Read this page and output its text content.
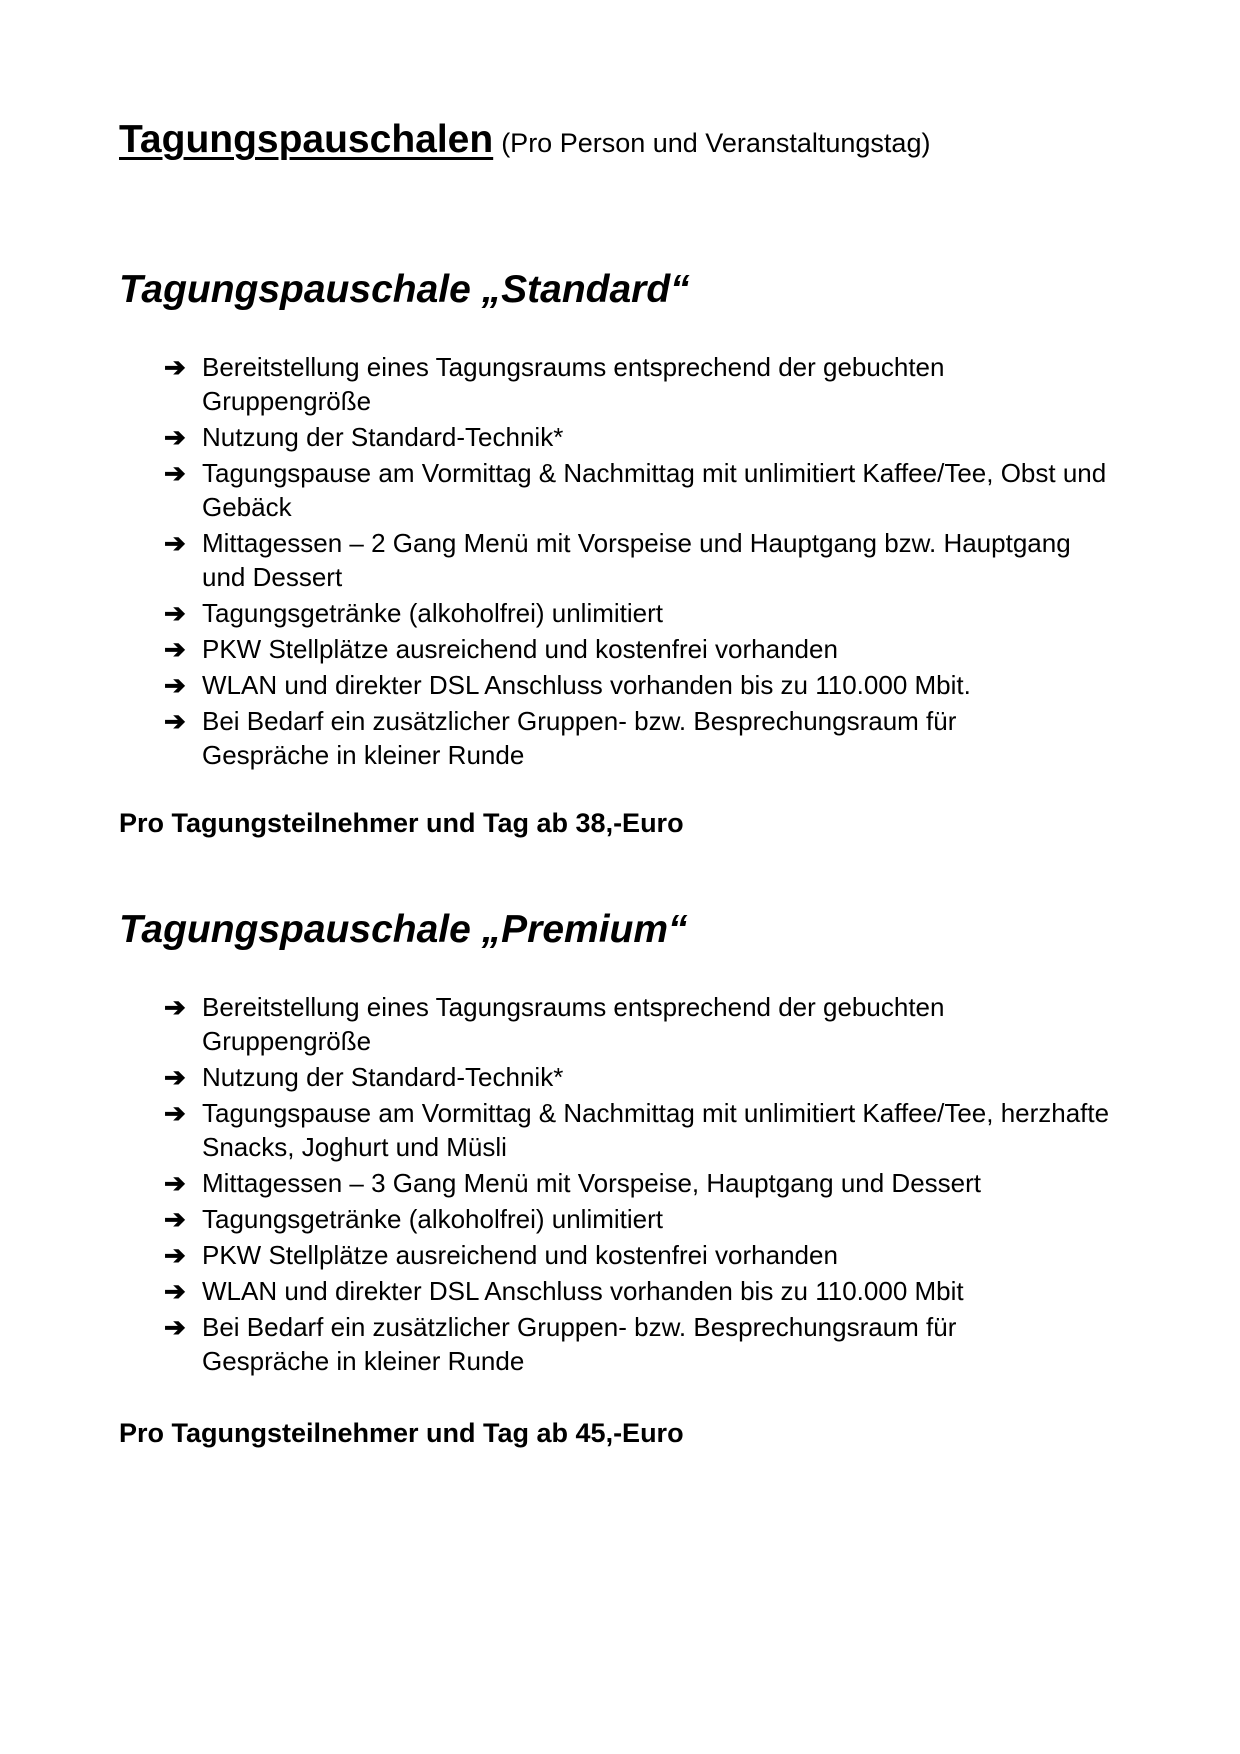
Tagungspauschalen (Pro Person und Veranstaltungstag)
Tagungspauschale „Standard“
➔ Bereitstellung eines Tagungsraums entsprechend der gebuchten Gruppengröße
➔ Nutzung der Standard-Technik*
➔ Tagungspause am Vormittag & Nachmittag mit unlimitiert Kaffee/Tee, Obst und Gebäck
➔ Mittagessen – 2 Gang Menü mit Vorspeise und Hauptgang bzw. Hauptgang und Dessert
➔ Tagungsgetränke (alkoholfrei) unlimitiert
➔ PKW Stellplätze ausreichend und kostenfrei vorhanden
➔ WLAN und direkter DSL Anschluss vorhanden bis zu 110.000 Mbit.
➔ Bei Bedarf ein zusätzlicher Gruppen- bzw. Besprechungsraum für Gespräche in kleiner Runde

Pro Tagungsteilnehmer und Tag ab 38,-Euro

Tagungspauschale „Premium“
➔ Bereitstellung eines Tagungsraums entsprechend der gebuchten Gruppengröße
➔ Nutzung der Standard-Technik*
➔ Tagungspause am Vormittag & Nachmittag mit unlimitiert Kaffee/Tee, herzhafte Snacks, Joghurt und Müsli
➔ Mittagessen – 3 Gang Menü mit Vorspeise, Hauptgang und Dessert
➔ Tagungsgetränke (alkoholfrei) unlimitiert
➔ PKW Stellplätze ausreichend und kostenfrei vorhanden
➔ WLAN und direkter DSL Anschluss vorhanden bis zu 110.000 Mbit
➔ Bei Bedarf ein zusätzlicher Gruppen- bzw. Besprechungsraum für Gespräche in kleiner Runde

Pro Tagungsteilnehmer und Tag ab 45,-Euro
